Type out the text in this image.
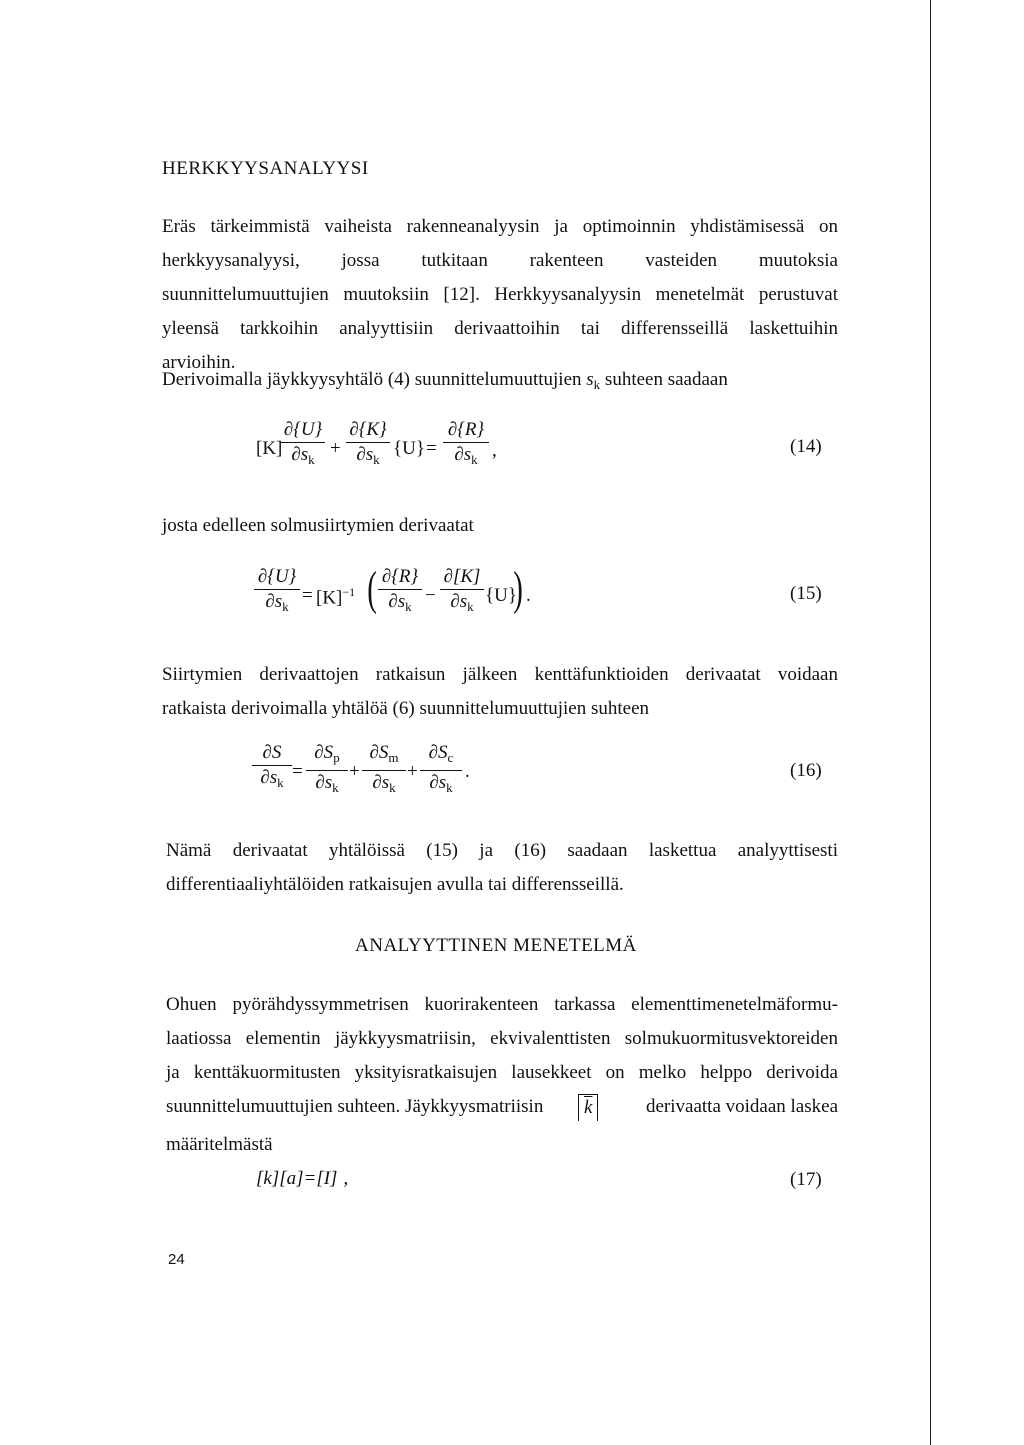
HERKKYYSANALYYSI
Eräs tärkeimmistä vaiheista rakenneanalyysin ja optimoinnin yhdistämisessä on
herkkyysanalyysi, jossa tutkitaan rakenteen vasteiden muutoksia
suunnittelumuuttujien muutoksiin [12]. Herkkyysanalyysin menetelmät perustuvat
yleensä tarkkoihin analyyttisiin derivaattoihin tai differensseillä laskettuihin
arvioihin.
Derivoimalla jäykkyysyhtälö (4) suunnittelumuuttujien $s_k$ suhteen saadaan
[K]
∂{U}
$\partial s_k$
+
∂{K}
$\partial s_k$
{U} =
∂{R}
$\partial s_k$ ,	(14)
josta edelleen solmusiirtymien derivaatat
∂{U}
$\partial s_k$
= $[K]^{-1}$ ( ∂{R}
$\partial s_k$
−
∂[K]
$\partial s_k$
{U}
) .	(15)
Siirtymien derivaattojen ratkaisun jälkeen kenttäfunktioiden derivaatat voidaan
ratkaista derivoimalla yhtälöä (6) suunnittelumuuttujien suhteen
∂S
$\partial s_k$
=
$\partial S_p$
$\partial s_k$
+
$\partial S_m$
$\partial s_k$
+
$\partial S_c$
$\partial s_k$
.	(16)
Nämä derivaatat yhtälöissä (15) ja (16) saadaan laskettua analyyttisesti
differentiaaliyhtälöiden ratkaisujen avulla tai differensseillä.
ANALYYTTINEN MENETELMÄ
Ohuen pyörähdyssymmetrisen kuorirakenteen tarkassa elementtimenetelmäformu-
laatiossa elementin jäykkyysmatriisin, ekvivalenttisten solmukuormitusvektoreiden
ja kenttäkuormitusten yksityisratkaisujen lausekkeet on melko helppo derivoida
suunnittelumuuttujien suhteen. Jäykkyysmatriisin	$\overline{k}$	derivaatta voidaan laskea
määritelmästä
[k][a]=[I] ,	(17)
24
